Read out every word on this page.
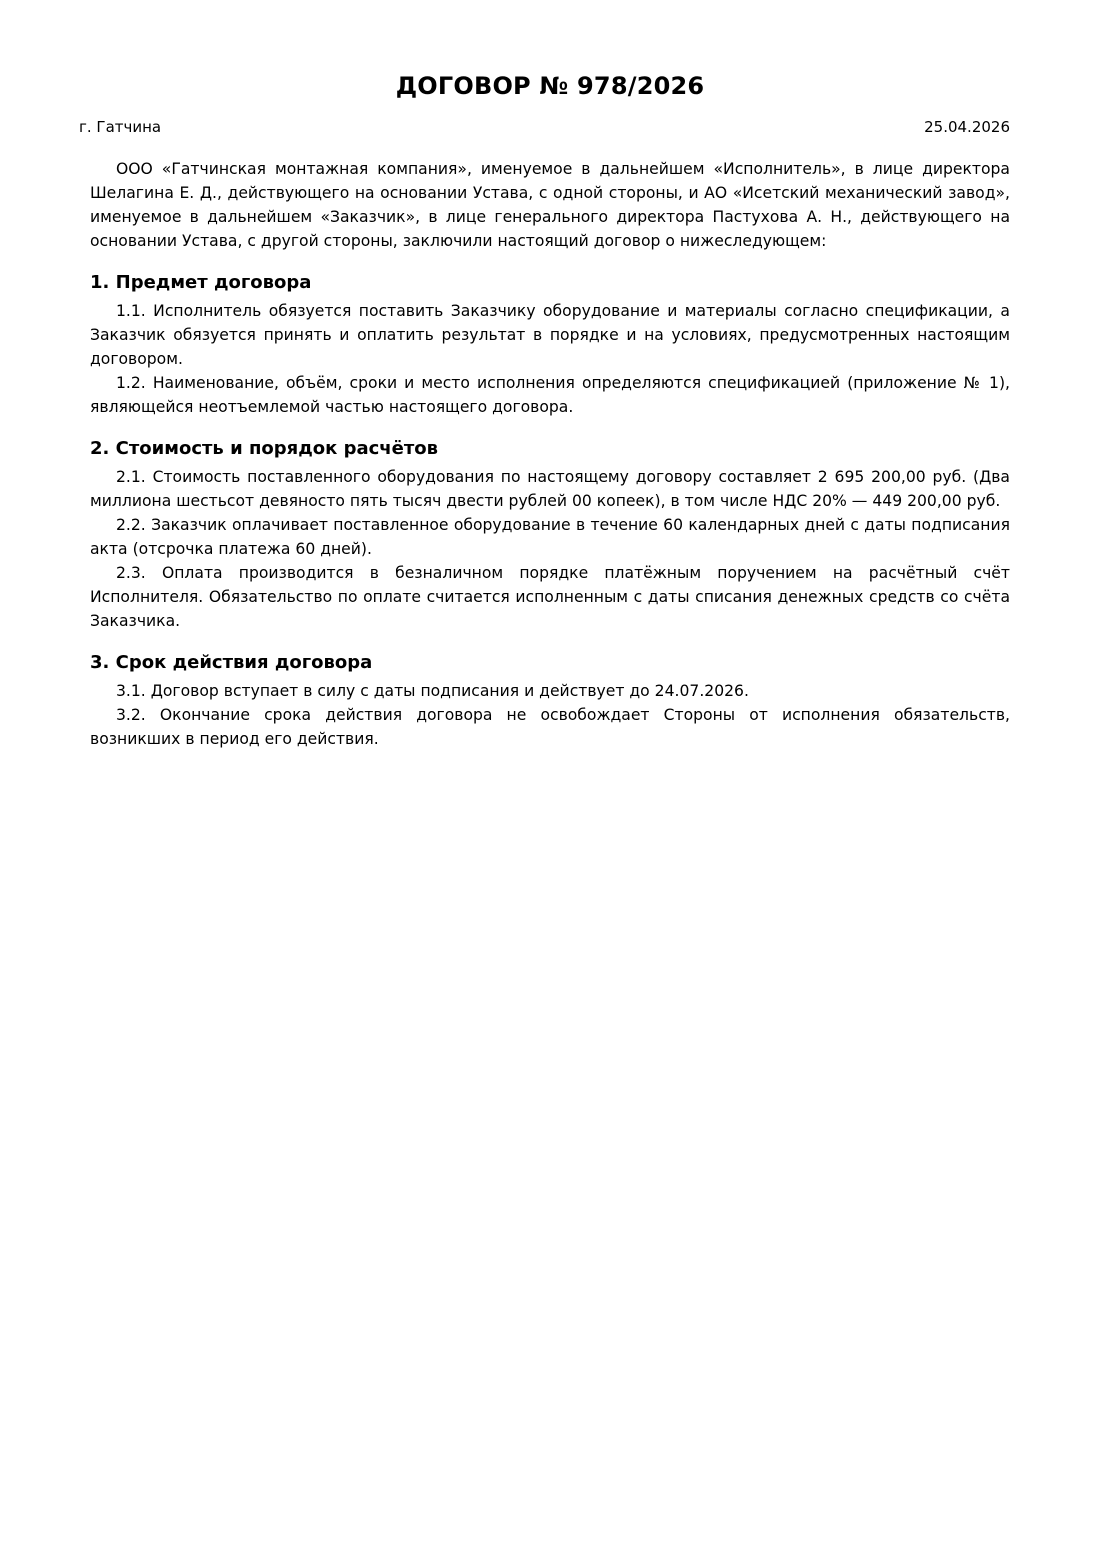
ДОГОВОР № 978/2026
г. Гатчина	25.04.2026

ООО «Гатчинская монтажная компания», именуемое в дальнейшем «Исполнитель», в лице директора Шелагина Е. Д., действующего на основании Устава, с одной стороны, и АО «Исетский механический завод», именуемое в дальнейшем «Заказчик», в лице генерального директора Пастухова А. Н., действующего на основании Устава, с другой стороны, заключили настоящий договор о нижеследующем:

1. Предмет договора

1.1. Исполнитель обязуется поставить Заказчику оборудование и материалы согласно спецификации, а Заказчик обязуется принять и оплатить результат в порядке и на условиях, предусмотренных настоящим договором.

1.2. Наименование, объём, сроки и место исполнения определяются спецификацией (приложение № 1), являющейся неотъемлемой частью настоящего договора.

2. Стоимость и порядок расчётов

2.1. Стоимость поставленного оборудования по настоящему договору составляет 2 695 200,00 руб. (Два миллиона шестьсот девяносто пять тысяч двести рублей 00 копеек), в том числе НДС 20% — 449 200,00 руб.

2.2. Заказчик оплачивает поставленное оборудование в течение 60 календарных дней с даты подписания акта (отсрочка платежа 60 дней).

2.3. Оплата производится в безналичном порядке платёжным поручением на расчётный счёт Исполнителя. Обязательство по оплате считается исполненным с даты списания денежных средств со счёта Заказчика.

3. Срок действия договора

3.1. Договор вступает в силу с даты подписания и действует до 24.07.2026.

3.2. Окончание срока действия договора не освобождает Стороны от исполнения обязательств, возникших в период его действия.
